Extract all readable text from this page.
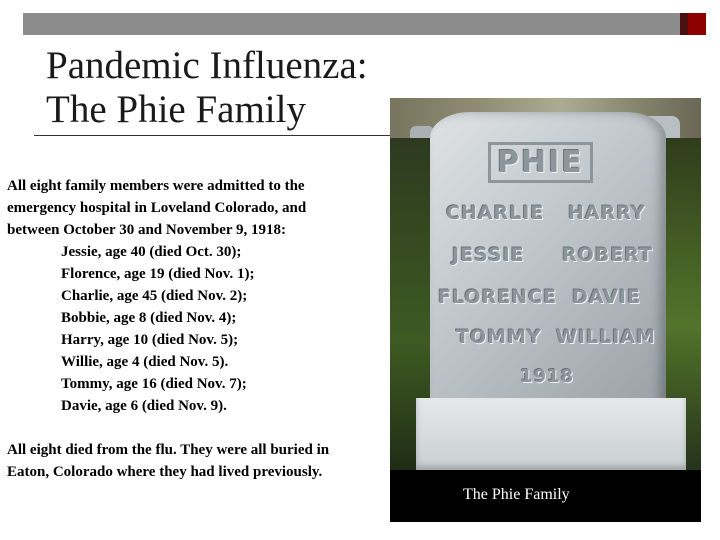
Pandemic Influenza:
The Phie Family

All eight family members were admitted to the emergency hospital in Loveland Colorado, and between October 30 and November 9, 1918:

Jessie, age 40 (died Oct. 30);
Florence, age 19 (died Nov. 1);
Charlie, age 45 (died Nov. 2);
Bobbie, age 8 (died Nov. 4);
Harry, age 10 (died Nov. 5);
Willie, age 4 (died Nov. 5).
Tommy, age 16 (died Nov. 7);
Davie, age 6 (died Nov. 9).

All eight died from the flu. They were all buried in Eaton, Colorado where they had lived previously.

PHIE
CHARLIE HARRY
JESSIE ROBERT
FLORENCE DAVIE
TOMMY WILLIAM
1918
The Phie Family
